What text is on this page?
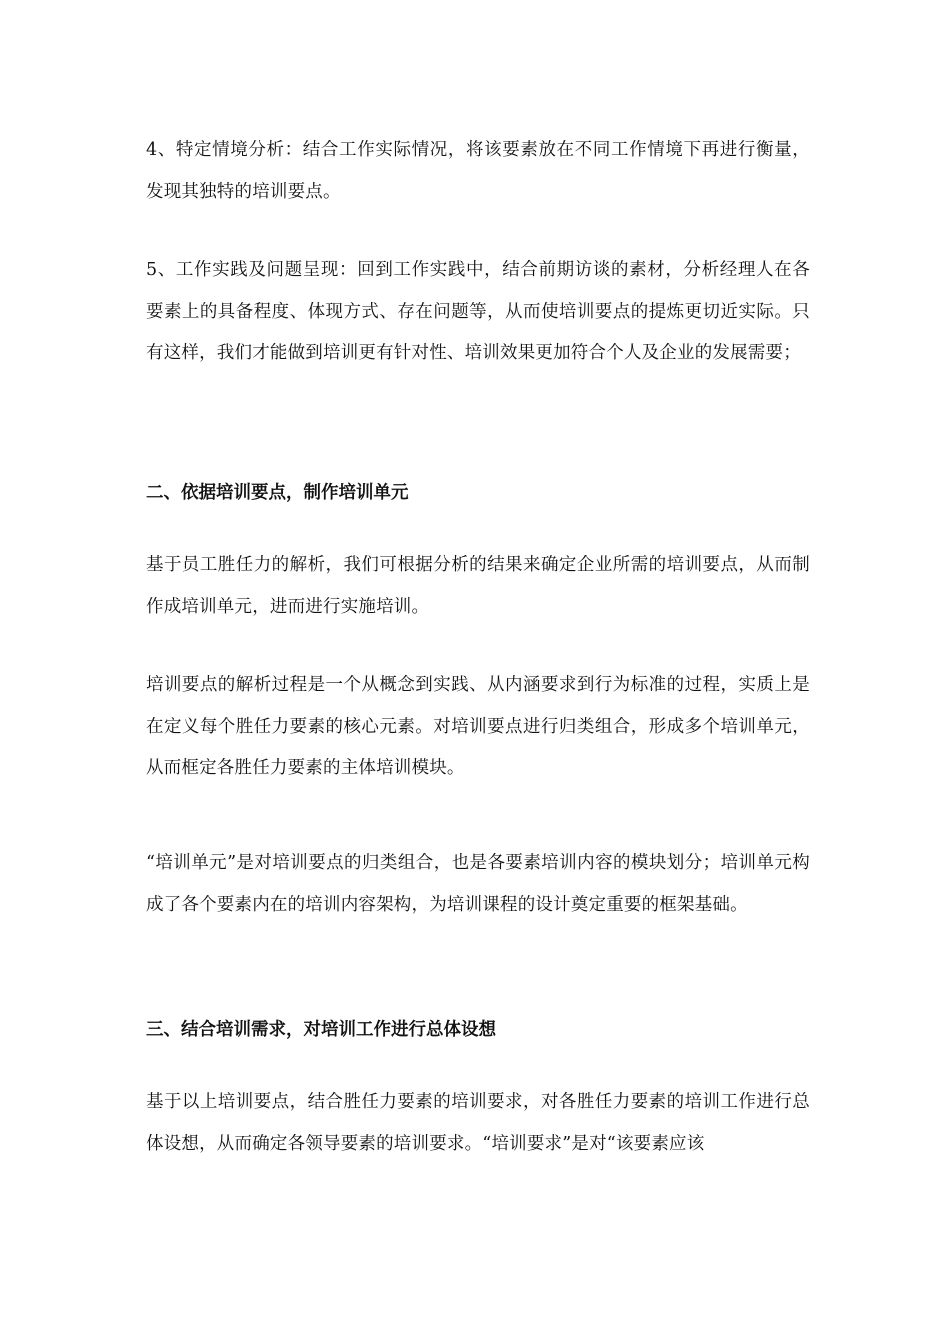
4、特定情境分析：结合工作实际情况，将该要素放在不同工作情境下再进行衡量，发现其独特的培训要点。

5、工作实践及问题呈现：回到工作实践中，结合前期访谈的素材，分析经理人在各要素上的具备程度、体现方式、存在问题等，从而使培训要点的提炼更切近实际。只有这样，我们才能做到培训更有针对性、培训效果更加符合个人及企业的发展需要；

二、依据培训要点，制作培训单元

基于员工胜任力的解析，我们可根据分析的结果来确定企业所需的培训要点，从而制作成培训单元，进而进行实施培训。

培训要点的解析过程是一个从概念到实践、从内涵要求到行为标准的过程，实质上是在定义每个胜任力要素的核心元素。对培训要点进行归类组合，形成多个培训单元，从而框定各胜任力要素的主体培训模块。

“培训单元”是对培训要点的归类组合，也是各要素培训内容的模块划分；培训单元构成了各个要素内在的培训内容架构，为培训课程的设计奠定重要的框架基础。

三、结合培训需求，对培训工作进行总体设想

基于以上培训要点，结合胜任力要素的培训要求，对各胜任力要素的培训工作进行总体设想，从而确定各领导要素的培训要求。“培训要求”是对“该要素应该
